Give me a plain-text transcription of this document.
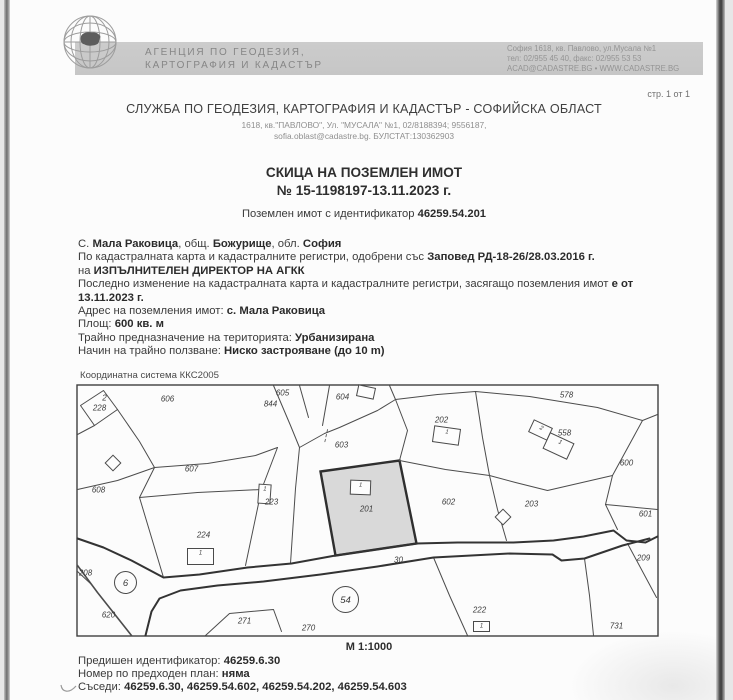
АГЕНЦИЯ ПО ГЕОДЕЗИЯ,
КАРТОГРАФИЯ И КАДАСТЪР
София 1618, кв. Павлово, ул.Мусала №1
тел: 02/955 45 40, факс: 02/955 53 53
ACAD@CADASTRE.BG • WWW.CADASTRE.BG
стр. 1 от 1
СЛУЖБА ПО ГЕОДЕЗИЯ, КАРТОГРАФИЯ И КАДАСТЪР - СОФИЙСКА ОБЛАСТ
1618, кв."ПАВЛОВО", Ул. "МУСАЛА" №1, 02/8188394; 9556187,
sofia.oblast@cadastre.bg. БУЛСТАТ:130362903
СКИЦА НА ПОЗЕМЛЕН ИМОТ
№ 15-1198197-13.11.2023 г.
Поземлен имот с идентификатор 46259.54.201
С. Мала Раковица, общ. Божурище, обл. София
По кадастралната карта и кадастралните регистри, одобрени със Заповед РД-18-26/28.03.2016 г.
на ИЗПЪЛНИТЕЛЕН ДИРЕКТОР НА АГКК
Последно изменение на кадастралната карта и кадастралните регистри, засягащо поземления имот е от
13.11.2023 г.
Адрес на поземления имот: с. Мала Раковица
Площ: 600 кв. м
Трайно предназначение на територията: Урбанизирана
Начин на трайно ползване: Ниско застрояване (до 10 m)
Координатна система ККС2005
1
2
1
1
1
1
1
2
228
606
605
844
604	578
202
558
600
603
607
608
223
201
602	203
601
224
208
620
271
270
30
222
731
209
6
54
М 1:1000
Предишен идентификатор: 46259.6.30
Номер по предходен план: няма
Съседи: 46259.6.30, 46259.54.602, 46259.54.202, 46259.54.603
